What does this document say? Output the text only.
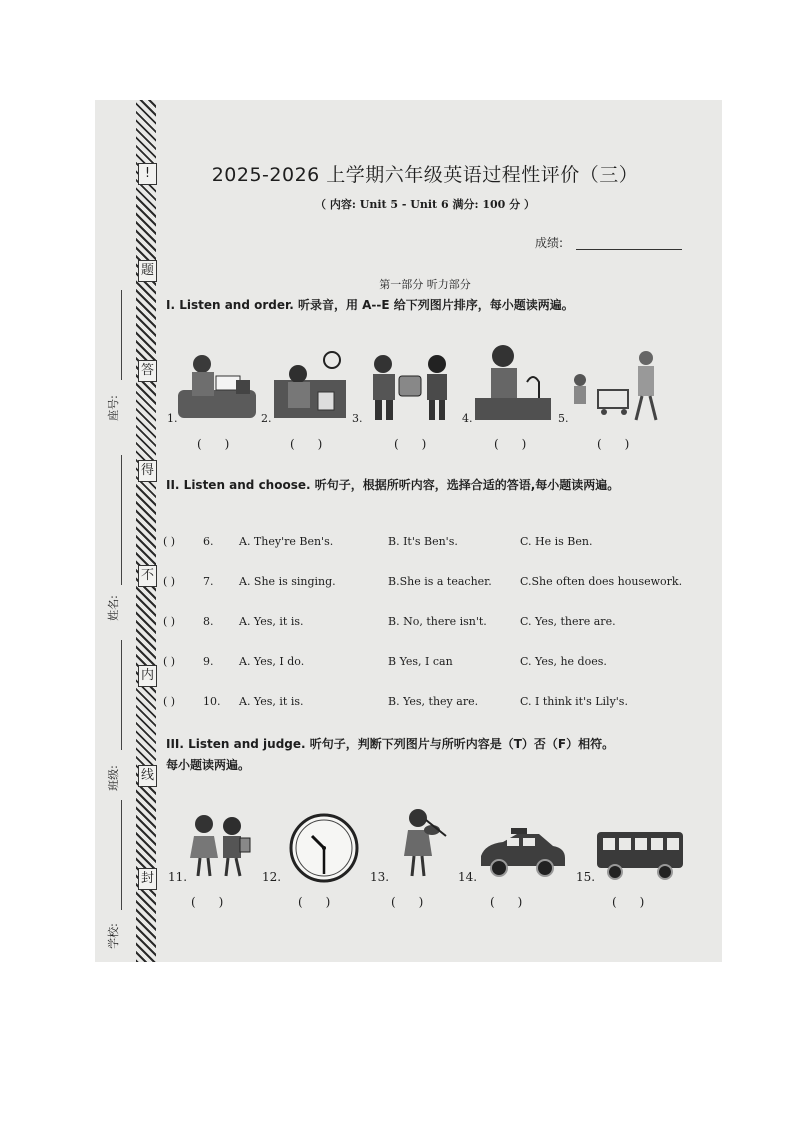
!
题
答
得
不
内
线
封
座号:
姓名:
班级:
学校:
2025-2026 上学期六年级英语过程性评价（三）
（ 内容: Unit 5 - Unit 6 满分: 100 分 ）
成绩:
第一部分 听力部分
I. Listen and order. 听录音，用 A--E 给下列图片排序，每小题读两遍。
1.	2.	3.	4.	5.
(      )	(      )	(      )	(      )	(      )
II. Listen and choose. 听句子，根据所听内容，选择合适的答语,每小题读两遍。
( )	6. A. They're Ben's.	B. It's Ben's.	C. He is Ben.
( )	7. A. She is singing.	B.She is a teacher.	C.She often does housework.
( )	8. A. Yes, it is.	B. No, there isn't.	C. Yes, there are.
( )	9. A. Yes, I do.	B Yes, I can	C. Yes, he does.
( )	10. A. Yes, it is.	B. Yes, they are.	C. I think it's Lily's.
III. Listen and judge. 听句子，判断下列图片与所听内容是（T）否（F）相符。
每小题读两遍。
11.	12.	13.	14.	15.
(      )	(      )	(      )	(      )	(      )
